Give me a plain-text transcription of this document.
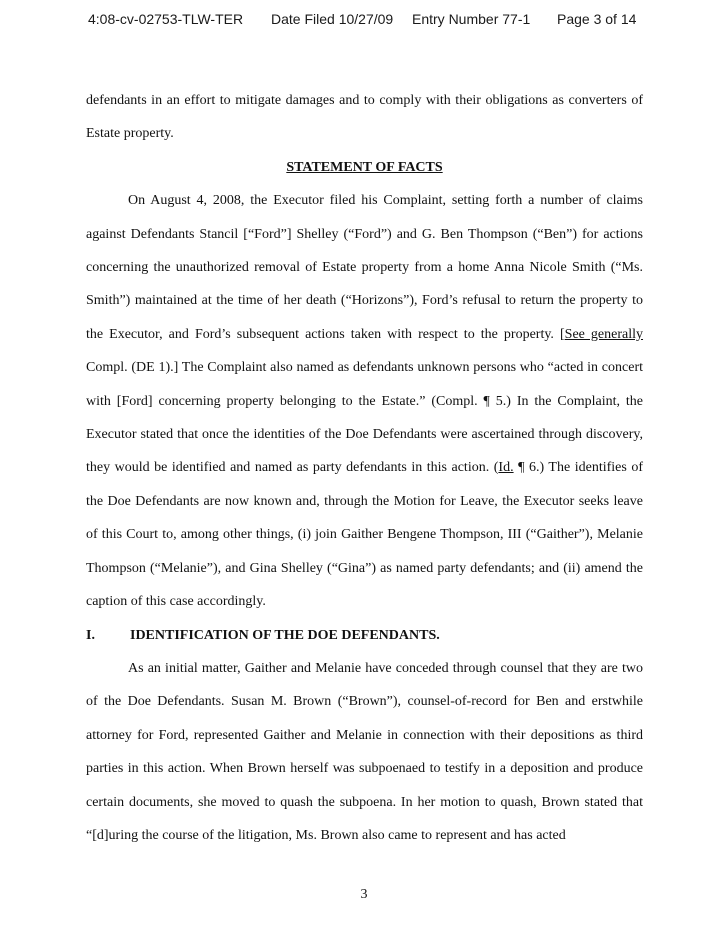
4:08-cv-02753-TLW-TER Date Filed 10/27/09 Entry Number 77-1 Page 3 of 14

defendants in an effort to mitigate damages and to comply with their obligations as converters of Estate property.

STATEMENT OF FACTS

On August 4, 2008, the Executor filed his Complaint, setting forth a number of claims against Defendants Stancil [“Ford”] Shelley (“Ford”) and G. Ben Thompson (“Ben”) for actions concerning the unauthorized removal of Estate property from a home Anna Nicole Smith (“Ms. Smith”) maintained at the time of her death (“Horizons”), Ford’s refusal to return the property to the Executor, and Ford’s subsequent actions taken with respect to the property. [See generally Compl. (DE 1).] The Complaint also named as defendants unknown persons who “acted in concert with [Ford] concerning property belonging to the Estate.” (Compl. ¶ 5.) In the Complaint, the Executor stated that once the identities of the Doe Defendants were ascertained through discovery, they would be identified and named as party defendants in this action. (Id. ¶ 6.) The identifies of the Doe Defendants are now known and, through the Motion for Leave, the Executor seeks leave of this Court to, among other things, (i) join Gaither Bengene Thompson, III (“Gaither”), Melanie Thompson (“Melanie”), and Gina Shelley (“Gina”) as named party defendants; and (ii) amend the caption of this case accordingly.

I.	IDENTIFICATION OF THE DOE DEFENDANTS.

As an initial matter, Gaither and Melanie have conceded through counsel that they are two of the Doe Defendants. Susan M. Brown (“Brown”), counsel-of-record for Ben and erstwhile attorney for Ford, represented Gaither and Melanie in connection with their depositions as third parties in this action. When Brown herself was subpoenaed to testify in a deposition and produce certain documents, she moved to quash the subpoena. In her motion to quash, Brown stated that “[d]uring the course of the litigation, Ms. Brown also came to represent and has acted

3
